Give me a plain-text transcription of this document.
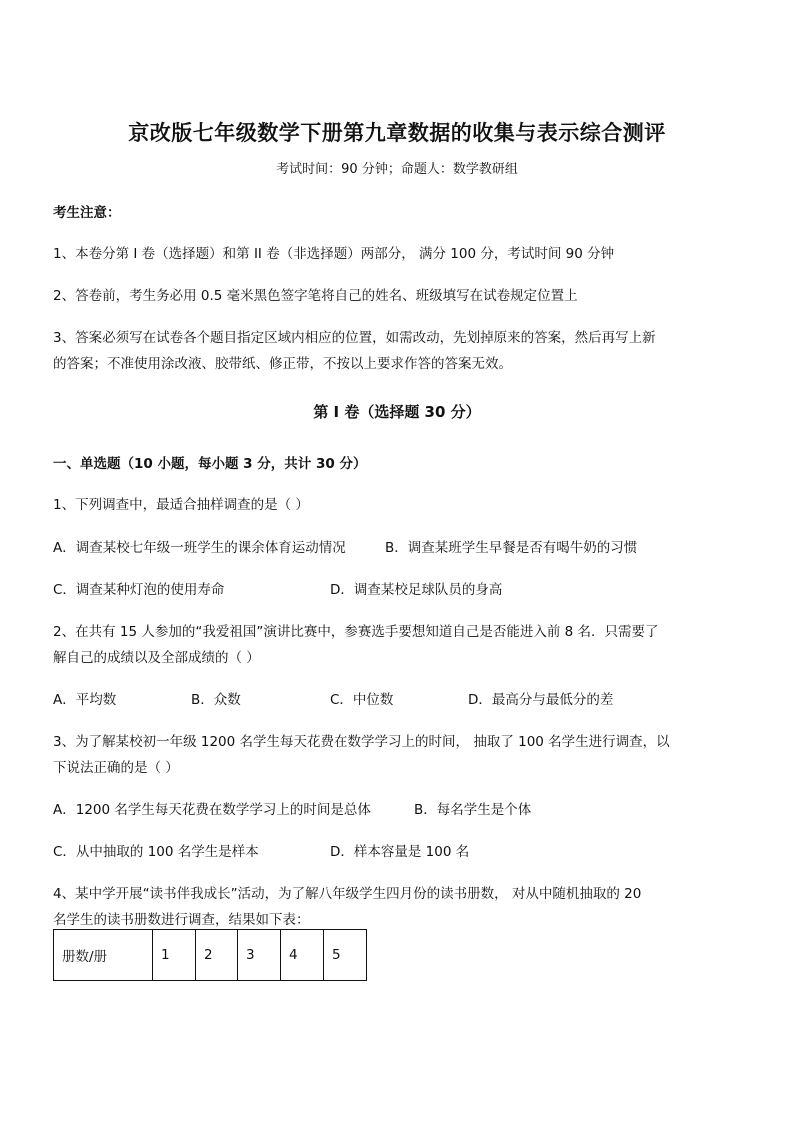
京改版七年级数学下册第九章数据的收集与表示综合测评
考试时间：90 分钟；命题人：数学教研组
考生注意：
1、本卷分第 I 卷（选择题）和第 II 卷（非选择题）两部分， 满分 100 分，考试时间 90 分钟
2、答卷前，考生务必用 0.5 毫米黑色签字笔将自己的姓名、班级填写在试卷规定位置上
3、答案必须写在试卷各个题目指定区域内相应的位置，如需改动，先划掉原来的答案，然后再写上新
的答案；不准使用涂改液、胶带纸、修正带，不按以上要求作答的答案无效。
第 I 卷（选择题 30 分）
一、单选题（10 小题，每小题 3 分，共计 30 分）
1、下列调查中，最适合抽样调查的是（ ）
A．调查某校七年级一班学生的课余体育运动情况	B．调查某班学生早餐是否有喝牛奶的习惯
C．调查某种灯泡的使用寿命	D．调查某校足球队员的身高
2、在共有 15 人参加的“我爱祖国”演讲比赛中，参赛选手要想知道自己是否能进入前 8 名．只需要了
解自己的成绩以及全部成绩的（ ）
A．平均数	B．众数	C．中位数	D．最高分与最低分的差
3、为了解某校初一年级 1200 名学生每天花费在数学学习上的时间， 抽取了 100 名学生进行调查，以
下说法正确的是（ ）
A．1200 名学生每天花费在数学学习上的时间是总体	B．每名学生是个体
C．从中抽取的 100 名学生是样本	D．样本容量是 100 名
4、某中学开展“读书伴我成长”活动，为了解八年级学生四月份的读书册数， 对从中随机抽取的 20
名学生的读书册数进行调查，结果如下表：
册数/册	1	2	3	4	5
